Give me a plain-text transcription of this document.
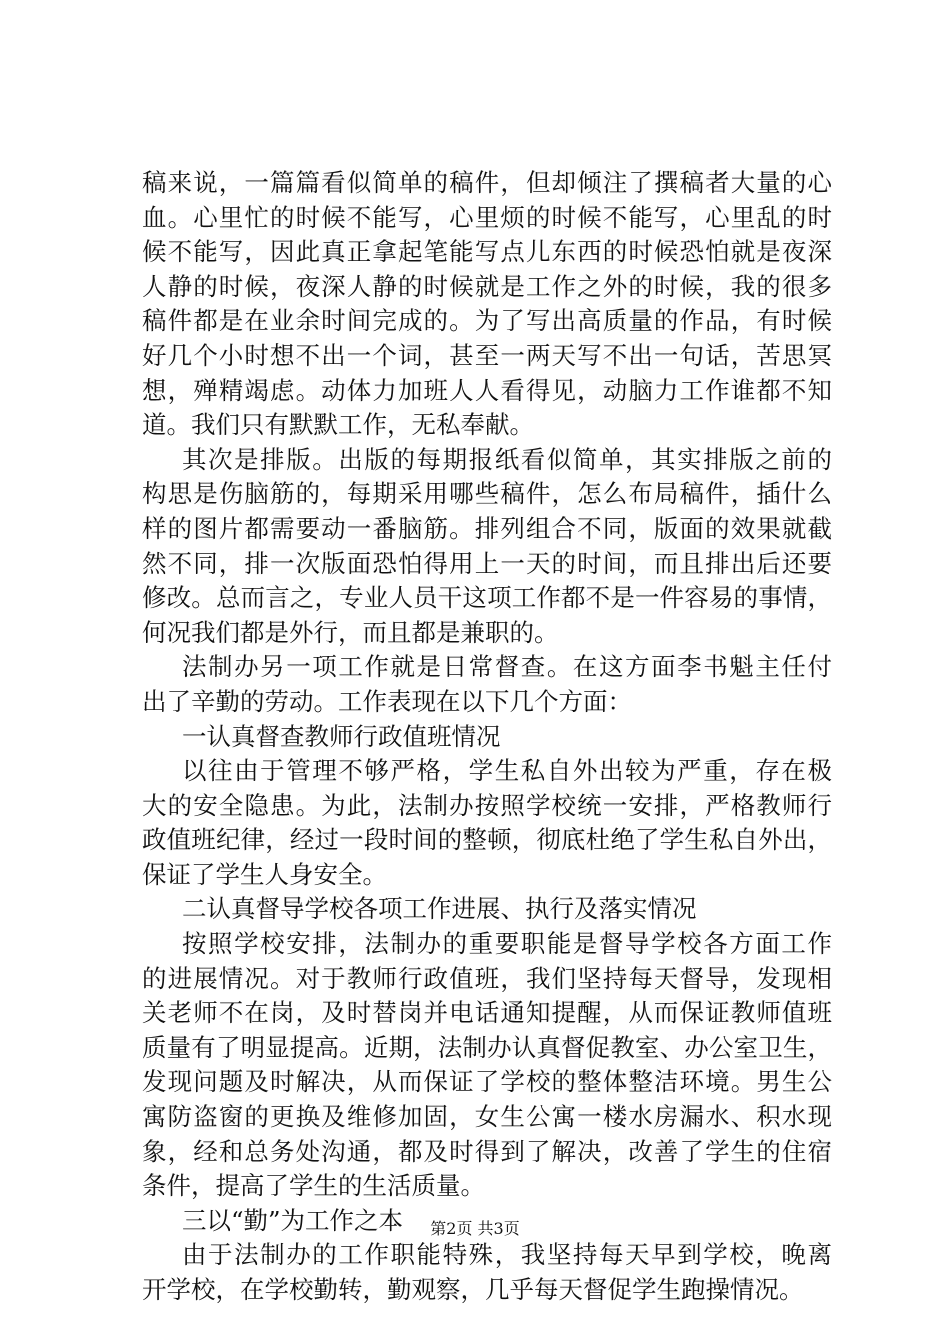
稿来说，一篇篇看似简单的稿件，但却倾注了撰稿者大量的心
血。心里忙的时候不能写，心里烦的时候不能写，心里乱的时
候不能写，因此真正拿起笔能写点儿东西的时候恐怕就是夜深
人静的时候，夜深人静的时候就是工作之外的时候，我的很多
稿件都是在业余时间完成的。为了写出高质量的作品，有时候
好几个小时想不出一个词，甚至一两天写不出一句话，苦思冥
想，殚精竭虑。动体力加班人人看得见，动脑力工作谁都不知
道。我们只有默默工作，无私奉献。
其次是排版。出版的每期报纸看似简单，其实排版之前的
构思是伤脑筋的，每期采用哪些稿件，怎么布局稿件，插什么
样的图片都需要动一番脑筋。排列组合不同，版面的效果就截
然不同，排一次版面恐怕得用上一天的时间，而且排出后还要
修改。总而言之，专业人员干这项工作都不是一件容易的事情，
何况我们都是外行，而且都是兼职的。
法制办另一项工作就是日常督查。在这方面李书魁主任付
出了辛勤的劳动。工作表现在以下几个方面：
一认真督查教师行政值班情况
以往由于管理不够严格，学生私自外出较为严重，存在极
大的安全隐患。为此，法制办按照学校统一安排，严格教师行
政值班纪律，经过一段时间的整顿，彻底杜绝了学生私自外出，
保证了学生人身安全。
二认真督导学校各项工作进展、执行及落实情况
按照学校安排，法制办的重要职能是督导学校各方面工作
的进展情况。对于教师行政值班，我们坚持每天督导，发现相
关老师不在岗，及时替岗并电话通知提醒，从而保证教师值班
质量有了明显提高。近期，法制办认真督促教室、办公室卫生，
发现问题及时解决，从而保证了学校的整体整洁环境。男生公
寓防盗窗的更换及维修加固，女生公寓一楼水房漏水、积水现
象，经和总务处沟通，都及时得到了解决，改善了学生的住宿
条件，提高了学生的生活质量。
三以“勤”为工作之本
由于法制办的工作职能特殊，我坚持每天早到学校，晚离
开学校，在学校勤转，勤观察，几乎每天督促学生跑操情况。
第2页 共3页
